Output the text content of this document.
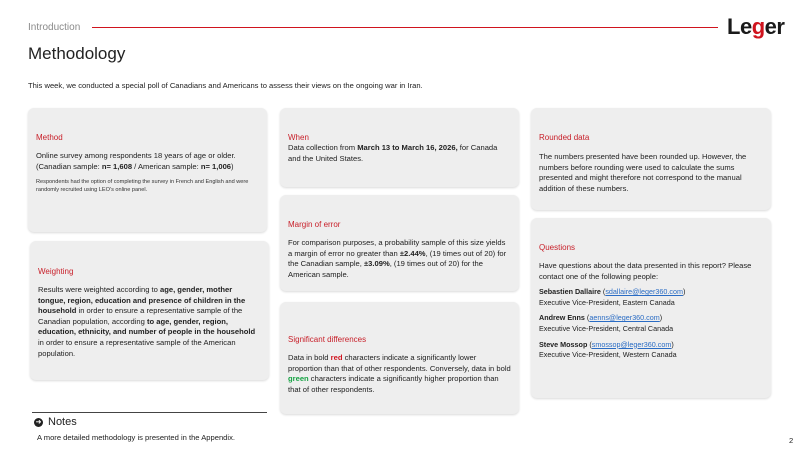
Introduction	Leger
Methodology
This week, we conducted a special poll of Canadians and Americans to assess their views on the ongoing war in Iran.
Method
Online survey among respondents 18 years of age or older.
(Canadian sample: n= 1,608 / American sample: n= 1,006)
Respondents had the option of completing the survey in French and English and were randomly recruited using LEO's online panel.
Weighting
Results were weighted according to age, gender, mother tongue, region, education and presence of children in the household in order to ensure a representative sample of the Canadian population, according to age, gender, region, education, ethnicity, and number of people in the household in order to ensure a representative sample of the American population.
When
Data collection from March 13 to March 16, 2026, for Canada and the United States.
Margin of error
For comparison purposes, a probability sample of this size yields a margin of error no greater than ±2.44%, (19 times out of 20) for the Canadian sample, ±3.09%, (19 times out of 20) for the American sample.
Significant differences
Data in bold red characters indicate a significantly lower proportion than that of other respondents. Conversely, data in bold green characters indicate a significantly higher proportion than that of other respondents.
Rounded data
The numbers presented have been rounded up. However, the numbers before rounding were used to calculate the sums presented and might therefore not correspond to the manual addition of these numbers.
Questions
Have questions about the data presented in this report? Please contact one of the following people:
Sebastien Dallaire (sdallaire@leger360.com)
Executive Vice-President, Eastern Canada
Andrew Enns (aenns@leger360.com)
Executive Vice-President, Central Canada
Steve Mossop (smossop@leger360.com)
Executive Vice-President, Western Canada
➜ Notes
A more detailed methodology is presented in the Appendix.	2
